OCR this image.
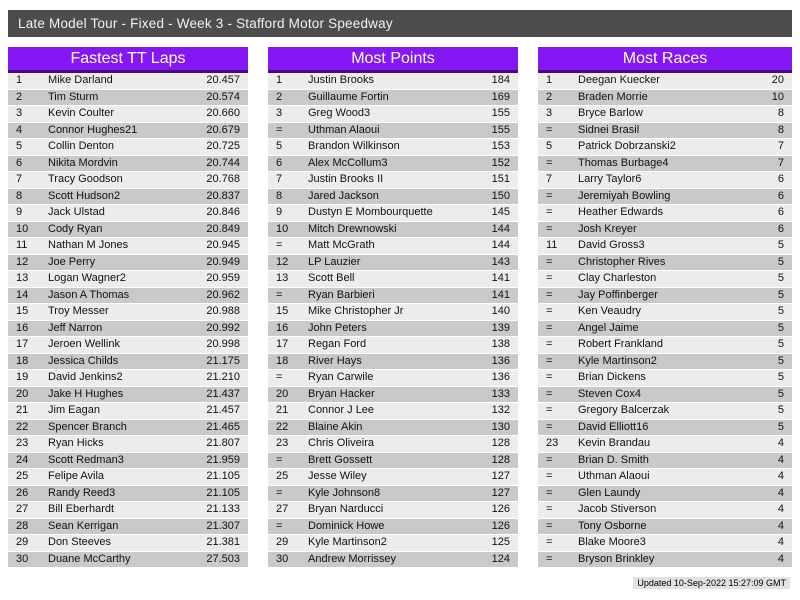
Late Model Tour - Fixed - Week 3 - Stafford Motor Speedway
Fastest TT Laps
1	Mike Darland	20.457
2	Tim Sturm	20.574
3	Kevin Coulter	20.660
4	Connor Hughes21	20.679
5	Collin Denton	20.725
6	Nikita Mordvin	20.744
7	Tracy Goodson	20.768
8	Scott Hudson2	20.837
9	Jack Ulstad	20.846
10	Cody Ryan	20.849
11	Nathan M Jones	20.945
12	Joe Perry	20.949
13	Logan Wagner2	20.959
14	Jason A Thomas	20.962
15	Troy Messer	20.988
16	Jeff Narron	20.992
17	Jeroen Wellink	20.998
18	Jessica Childs	21.175
19	David Jenkins2	21.210
20	Jake H Hughes	21.437
21	Jim Eagan	21.457
22	Spencer Branch	21.465
23	Ryan Hicks	21.807
24	Scott Redman3	21.959
25	Felipe Avila	21.105
26	Randy Reed3	21.105
27	Bill Eberhardt	21.133
28	Sean Kerrigan	21.307
29	Don Steeves	21.381
30	Duane McCarthy	27.503
Most Points
1	Justin Brooks	184
2	Guillaume Fortin	169
3	Greg Wood3	155
=	Uthman Alaoui	155
5	Brandon Wilkinson	153
6	Alex McCollum3	152
7	Justin Brooks II	151
8	Jared Jackson	150
9	Dustyn E Mombourquette	145
10	Mitch Drewnowski	144
=	Matt McGrath	144
12	LP Lauzier	143
13	Scott Bell	141
=	Ryan Barbieri	141
15	Mike Christopher Jr	140
16	John Peters	139
17	Regan Ford	138
18	River Hays	136
=	Ryan Carwile	136
20	Bryan Hacker	133
21	Connor J Lee	132
22	Blaine Akin	130
23	Chris Oliveira	128
=	Brett Gossett	128
25	Jesse Wiley	127
=	Kyle Johnson8	127
27	Bryan Narducci	126
=	Dominick Howe	126
29	Kyle Martinson2	125
30	Andrew Morrissey	124
Most Races
1	Deegan Kuecker	20
2	Braden Morrie	10
3	Bryce Barlow	8
=	Sidnei Brasil	8
5	Patrick Dobrzanski2	7
=	Thomas Burbage4	7
7	Larry Taylor6	6
=	Jeremiyah Bowling	6
=	Heather Edwards	6
=	Josh Kreyer	6
11	David Gross3	5
=	Christopher Rives	5
=	Clay Charleston	5
=	Jay Poffinberger	5
=	Ken Veaudry	5
=	Angel Jaime	5
=	Robert Frankland	5
=	Kyle Martinson2	5
=	Brian Dickens	5
=	Steven Cox4	5
=	Gregory Balcerzak	5
=	David Elliott16	5
23	Kevin Brandau	4
=	Brian D. Smith	4
=	Uthman Alaoui	4
=	Glen Laundy	4
=	Jacob Stiverson	4
=	Tony Osborne	4
=	Blake Moore3	4
=	Bryson Brinkley	4
Updated 10-Sep-2022 15:27:09 GMT
